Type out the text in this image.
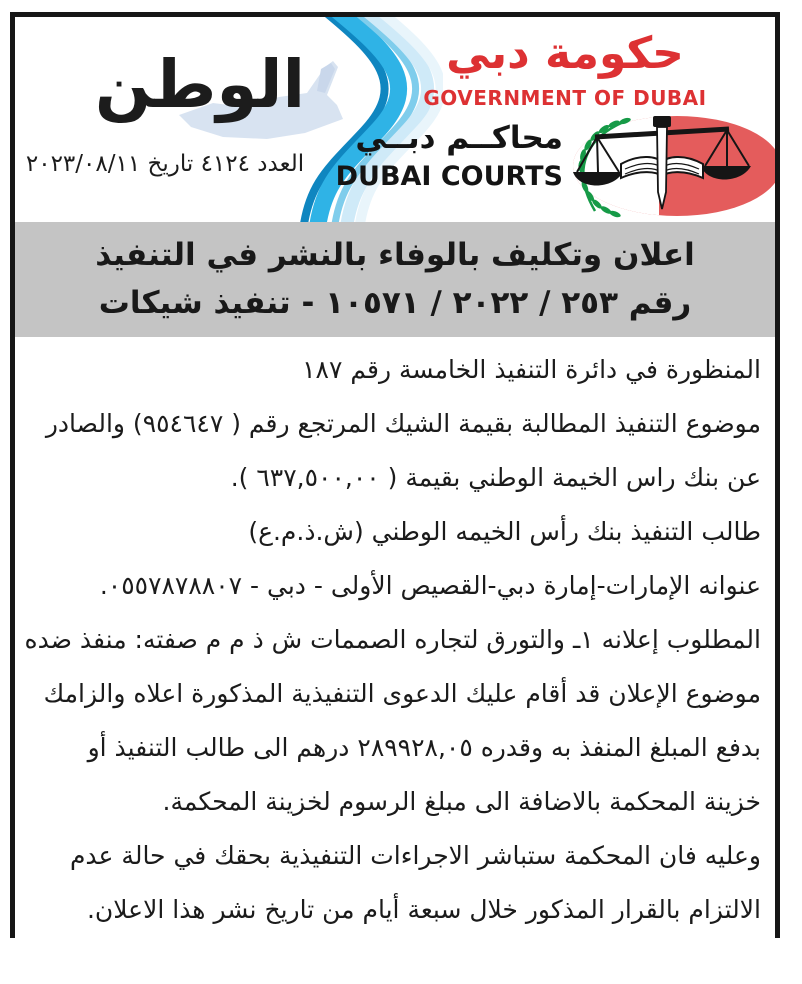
الوطن
العدد ٤١٢٤ تاريخ ٢٠٢٣/٠٨/١١
حكومة دبي
GOVERNMENT OF DUBAI
محاكــم دبــي
DUBAI COURTS
اعلان وتكليف بالوفاء بالنشر في التنفيذ
رقم ٢٥٣ / ٢٠٢٢ / ١٠٥٧١ - تنفيذ شيكات
المنظورة في دائرة التنفيذ الخامسة رقم ١٨٧
موضوع التنفيذ المطالبة بقيمة الشيك المرتجع رقم ( ٩٥٤٦٤٧) والصادر
عن بنك راس الخيمة الوطني بقيمة ( ٦٣٧,٥٠٠,٠٠ ).
طالب التنفيذ بنك رأس الخيمه الوطني (ش.ذ.م.ع)
عنوانه الإمارات-إمارة دبي-القصيص الأولى - دبي - ٠٥٥٧٨٧٨٨٠٧.
المطلوب إعلانه ١ـ والتورق لتجاره الصممات ش ذ م م صفته: منفذ ضده
موضوع الإعلان قد أقام عليك الدعوى التنفيذية المذكورة اعلاه والزامك
بدفع المبلغ المنفذ به وقدره ٢٨٩٩٢٨,٠٥ درهم الى طالب التنفيذ أو
خزينة المحكمة بالاضافة الى مبلغ الرسوم لخزينة المحكمة.
وعليه فان المحكمة ستباشر الاجراءات التنفيذية بحقك في حالة عدم
الالتزام بالقرار المذكور خلال سبعة أيام من تاريخ نشر هذا الاعلان.
